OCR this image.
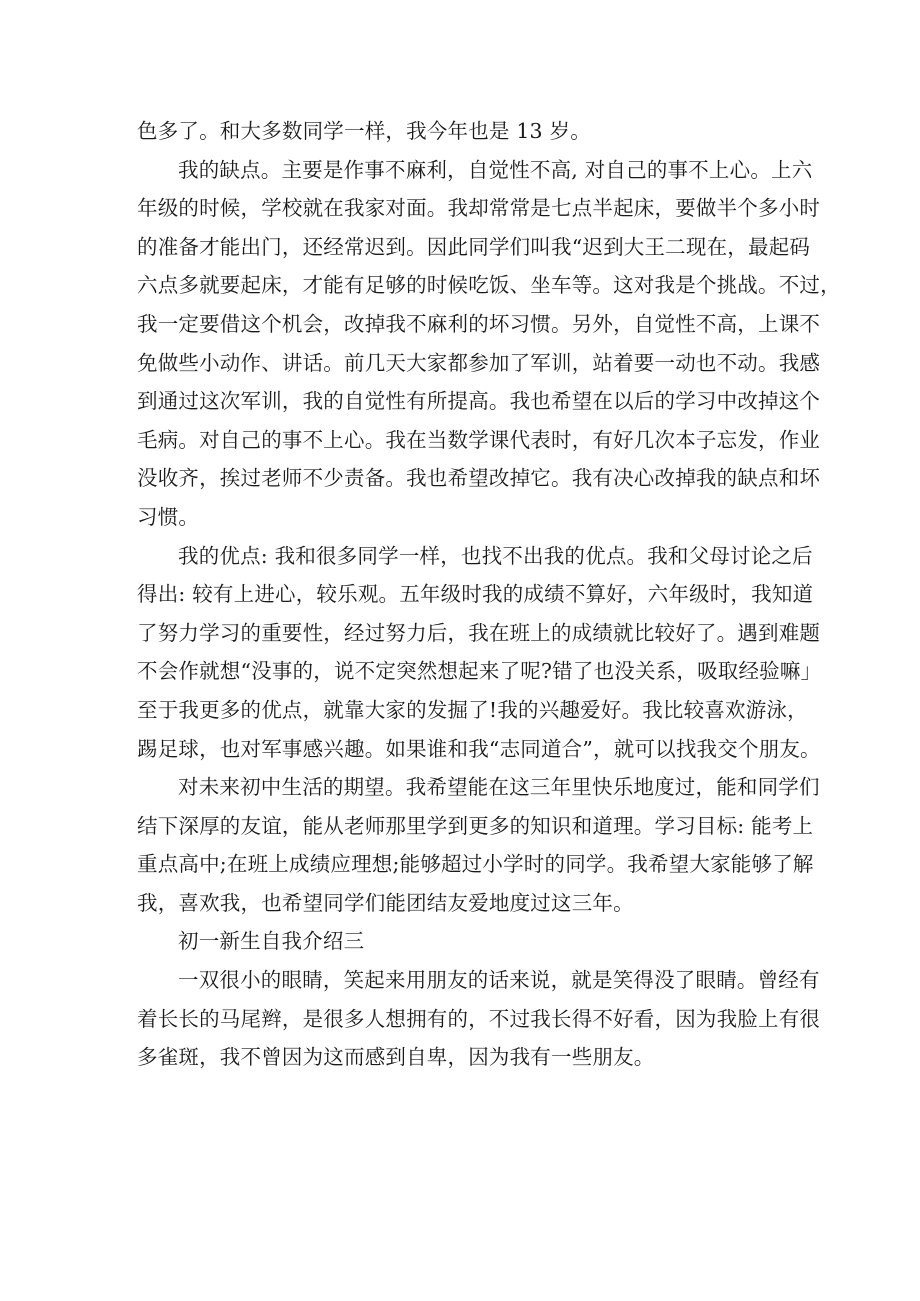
色多了。和大多数同学一样，我今年也是 13 岁。
我的缺点。主要是作事不麻利，自觉性不高, 对自己的事不上心。上六
年级的时候，学校就在我家对面。我却常常是七点半起床，要做半个多小时
的准备才能出门，还经常迟到。因此同学们叫我“迟到大王二现在，最起码
六点多就要起床，才能有足够的时候吃饭、坐车等。这对我是个挑战。不过，
我一定要借这个机会，改掉我不麻利的坏习惯。另外，自觉性不高，上课不
免做些小动作、讲话。前几天大家都参加了军训，站着要一动也不动。我感
到通过这次军训，我的自觉性有所提高。我也希望在以后的学习中改掉这个
毛病。对自己的事不上心。我在当数学课代表时，有好几次本子忘发，作业
没收齐，挨过老师不少责备。我也希望改掉它。我有决心改掉我的缺点和坏
习惯。
我的优点: 我和很多同学一样，也找不出我的优点。我和父母讨论之后
得出: 较有上进心，较乐观。五年级时我的成绩不算好，六年级时，我知道
了努力学习的重要性，经过努力后，我在班上的成绩就比较好了。遇到难题
不会作就想“没事的，说不定突然想起来了呢?错了也没关系，吸取经验嘛」
至于我更多的优点，就靠大家的发掘了!我的兴趣爱好。我比较喜欢游泳，
踢足球，也对军事感兴趣。如果谁和我“志同道合”，就可以找我交个朋友。
对未来初中生活的期望。我希望能在这三年里快乐地度过，能和同学们
结下深厚的友谊，能从老师那里学到更多的知识和道理。学习目标: 能考上
重点高中;在班上成绩应理想;能够超过小学时的同学。我希望大家能够了解
我，喜欢我，也希望同学们能团结友爱地度过这三年。
初一新生自我介绍三
一双很小的眼睛，笑起来用朋友的话来说，就是笑得没了眼睛。曾经有
着长长的马尾辫，是很多人想拥有的，不过我长得不好看，因为我脸上有很
多雀斑，我不曾因为这而感到自卑，因为我有一些朋友。
